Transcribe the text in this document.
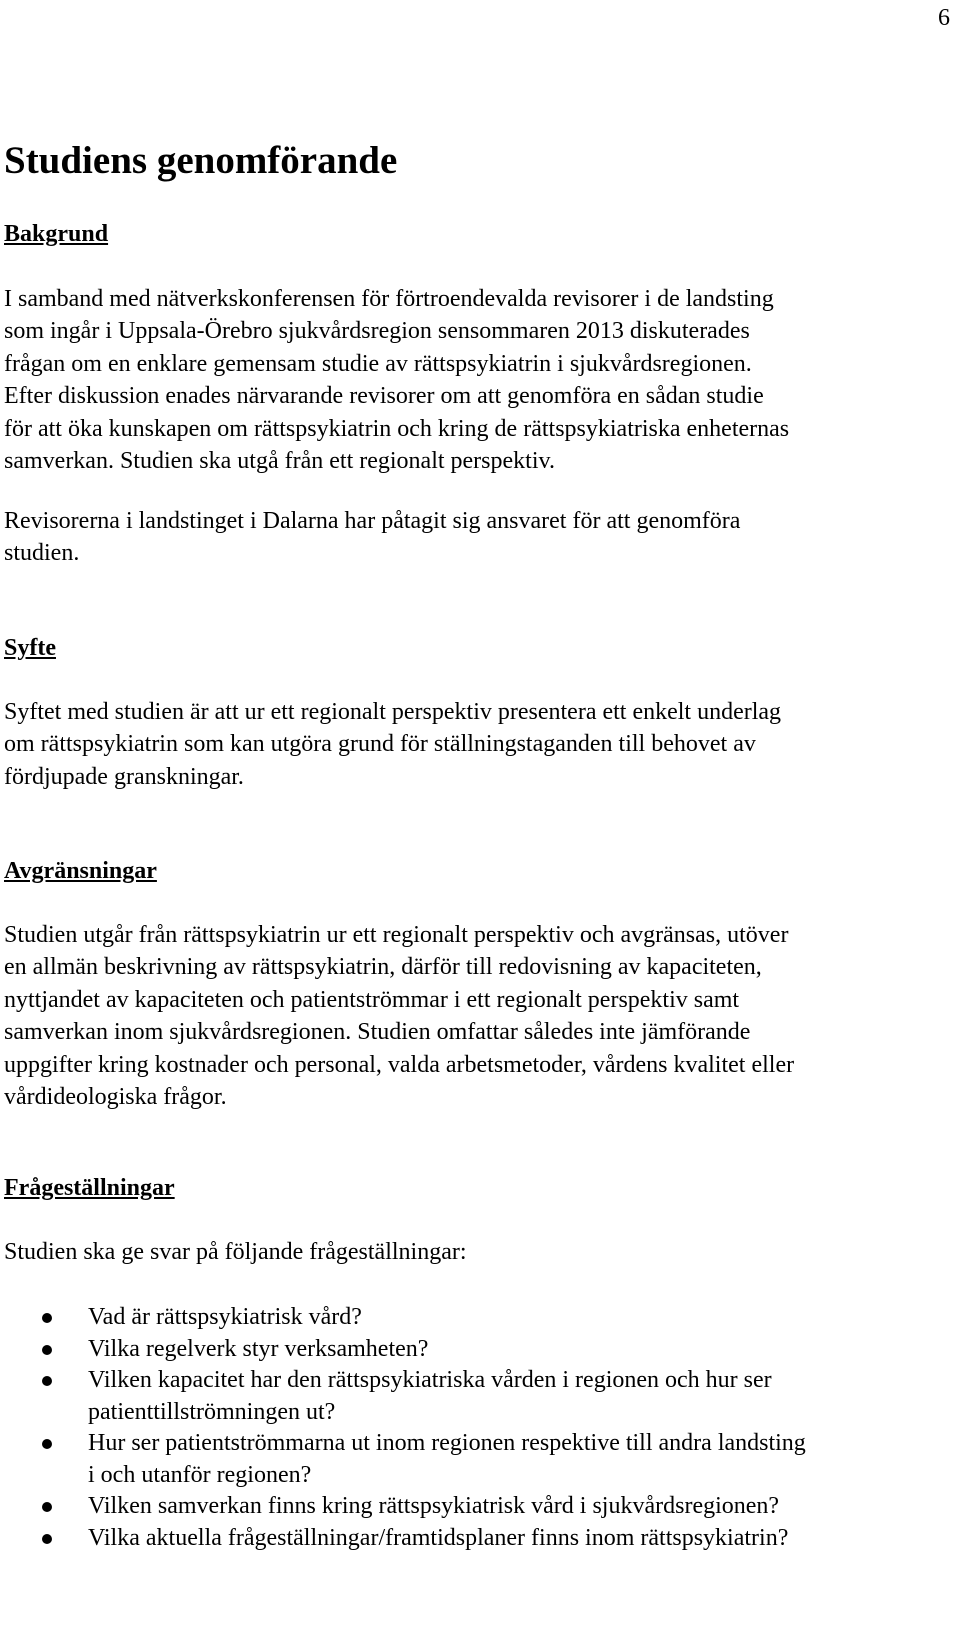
6
Studiens genomförande
Bakgrund

I samband med nätverkskonferensen för förtroendevalda revisorer i de landsting
som ingår i Uppsala-Örebro sjukvårdsregion sensommaren 2013 diskuterades
frågan om en enklare gemensam studie av rättspsykiatrin i sjukvårdsregionen.
Efter diskussion enades närvarande revisorer om att genomföra en sådan studie
för att öka kunskapen om rättspsykiatrin och kring de rättspsykiatriska enheternas
samverkan. Studien ska utgå från ett regionalt perspektiv.

Revisorerna i landstinget i Dalarna har påtagit sig ansvaret för att genomföra
studien.

Syfte

Syftet med studien är att ur ett regionalt perspektiv presentera ett enkelt underlag
om rättspsykiatrin som kan utgöra grund för ställningstaganden till behovet av
fördjupade granskningar.

Avgränsningar

Studien utgår från rättspsykiatrin ur ett regionalt perspektiv och avgränsas, utöver
en allmän beskrivning av rättspsykiatrin, därför till redovisning av kapaciteten,
nyttjandet av kapaciteten och patientströmmar i ett regionalt perspektiv samt
samverkan inom sjukvårdsregionen. Studien omfattar således inte jämförande
uppgifter kring kostnader och personal, valda arbetsmetoder, vårdens kvalitet eller
vårdideologiska frågor.

Frågeställningar

Studien ska ge svar på följande frågeställningar:

Vad är rättspsykiatrisk vård?
Vilka regelverk styr verksamheten?
Vilken kapacitet har den rättspsykiatriska vården i regionen och hur ser
patienttillströmningen ut?
Hur ser patientströmmarna ut inom regionen respektive till andra landsting
i och utanför regionen?
Vilken samverkan finns kring rättspsykiatrisk vård i sjukvårdsregionen?
Vilka aktuella frågeställningar/framtidsplaner finns inom rättspsykiatrin?
